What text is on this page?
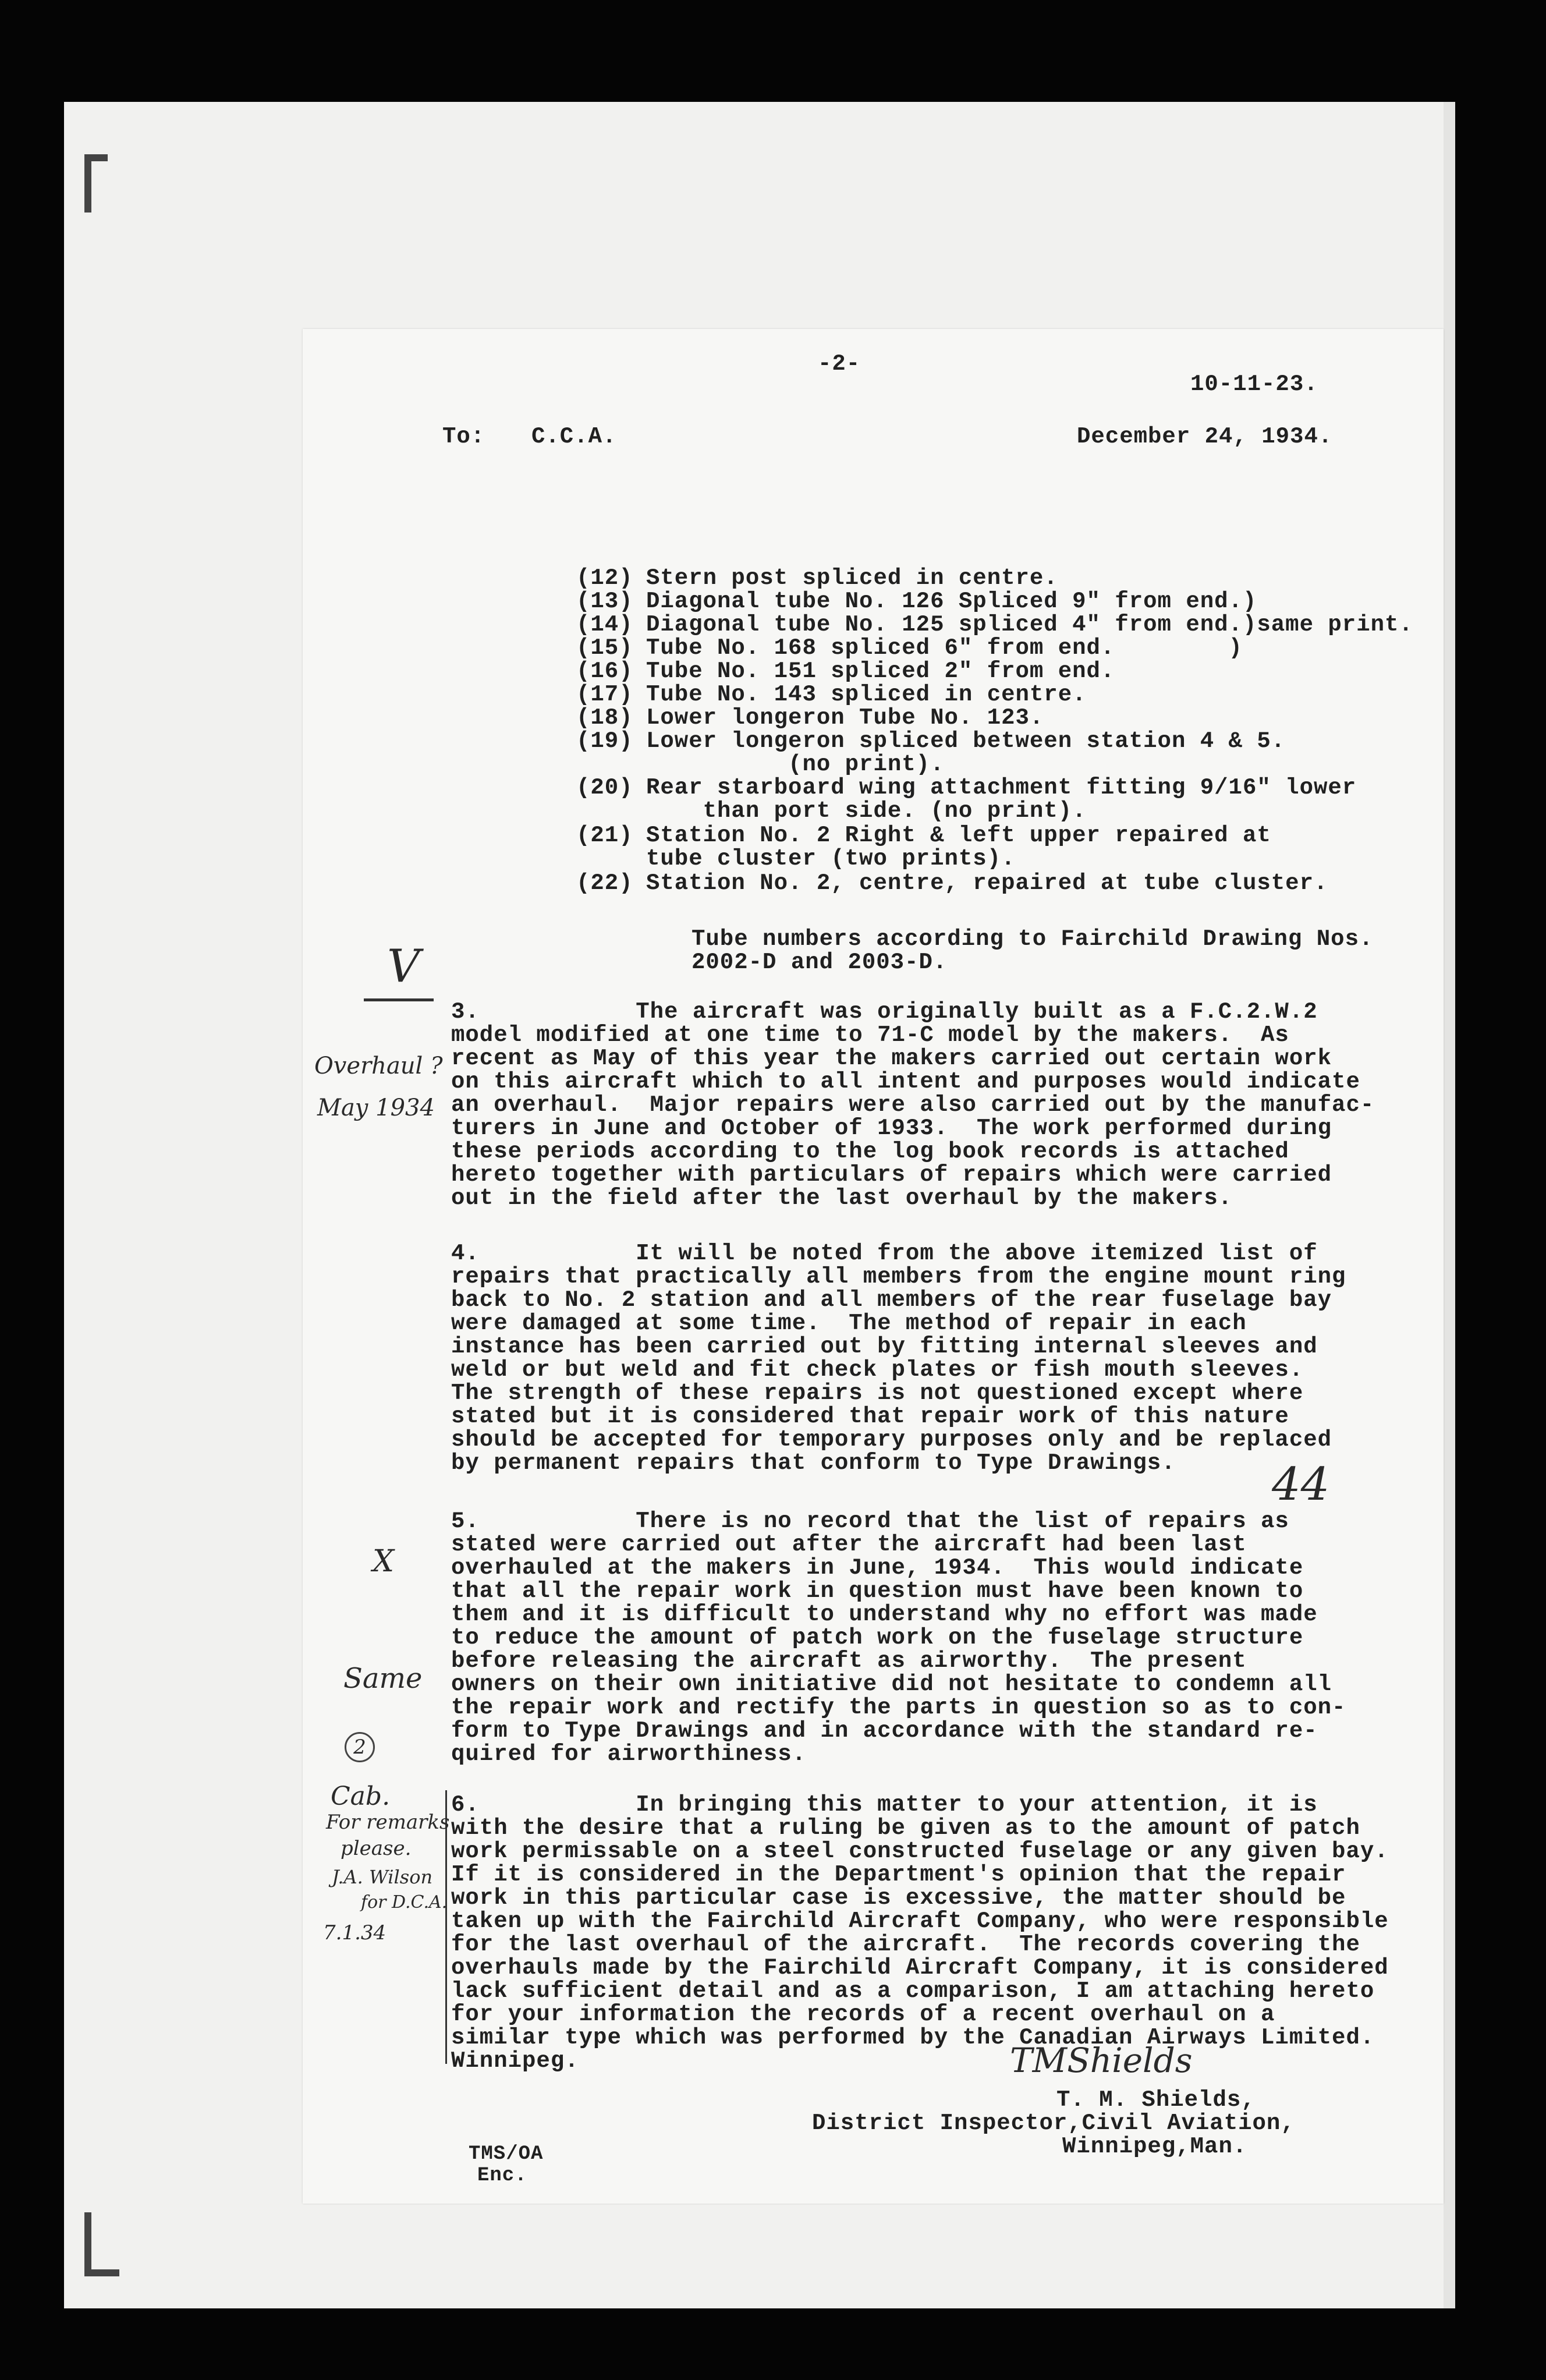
-2-
10-11-23.
To: C.C.A.	December 24, 1934.
(12) Stern post spliced in centre.
(13) Diagonal tube No. 126 Spliced 9" from end.)
(14) Diagonal tube No. 125 spliced 4" from end.)same print.
(15) Tube No. 168 spliced 6" from end.        )
(16) Tube No. 151 spliced 2" from end.
(17) Tube No. 143 spliced in centre.
(18) Lower longeron Tube No. 123.
(19) Lower longeron spliced between station 4 & 5.
(no print).
(20) Rear starboard wing attachment fitting 9/16" lower
than port side. (no print).
(21) Station No. 2 Right & left upper repaired at
tube cluster (two prints).
(22) Station No. 2, centre, repaired at tube cluster.
Tube numbers according to Fairchild Drawing Nos.
2002-D and 2003-D.
3.           The aircraft was originally built as a F.C.2.W.2
model modified at one time to 71-C model by the makers.  As
recent as May of this year the makers carried out certain work
on this aircraft which to all intent and purposes would indicate
an overhaul.  Major repairs were also carried out by the manufac-
turers in June and October of 1933.  The work performed during
these periods according to the log book records is attached
hereto together with particulars of repairs which were carried
out in the field after the last overhaul by the makers.
4.           It will be noted from the above itemized list of
repairs that practically all members from the engine mount ring
back to No. 2 station and all members of the rear fuselage bay
were damaged at some time.  The method of repair in each
instance has been carried out by fitting internal sleeves and
weld or but weld and fit check plates or fish mouth sleeves.
The strength of these repairs is not questioned except where
stated but it is considered that repair work of this nature
should be accepted for temporary purposes only and be replaced
by permanent repairs that conform to Type Drawings.
5.           There is no record that the list of repairs as
stated were carried out after the aircraft had been last
overhauled at the makers in June, 1934.  This would indicate
that all the repair work in question must have been known to
them and it is difficult to understand why no effort was made
to reduce the amount of patch work on the fuselage structure
before releasing the aircraft as airworthy.  The present
owners on their own initiative did not hesitate to condemn all
the repair work and rectify the parts in question so as to con-
form to Type Drawings and in accordance with the standard re-
quired for airworthiness.
6.           In bringing this matter to your attention, it is
with the desire that a ruling be given as to the amount of patch
work permissable on a steel constructed fuselage or any given bay.
If it is considered in the Department's opinion that the repair
work in this particular case is excessive, the matter should be
taken up with the Fairchild Aircraft Company, who were responsible
for the last overhaul of the aircraft.  The records covering the
overhauls made by the Fairchild Aircraft Company, it is considered
lack sufficient detail and as a comparison, I am attaching hereto
for your information the records of a recent overhaul on a
similar type which was performed by the Canadian Airways Limited.
Winnipeg.	TMShields
T. M. Shields,
District Inspector,Civil Aviation,
Winnipeg,Man.
TMS/OA
Enc.
V
Overhaul ?
May 1934
X
Same
2
44
Cab.
For remarks
please.
J.A. Wilson
for D.C.A.
7.1.34
